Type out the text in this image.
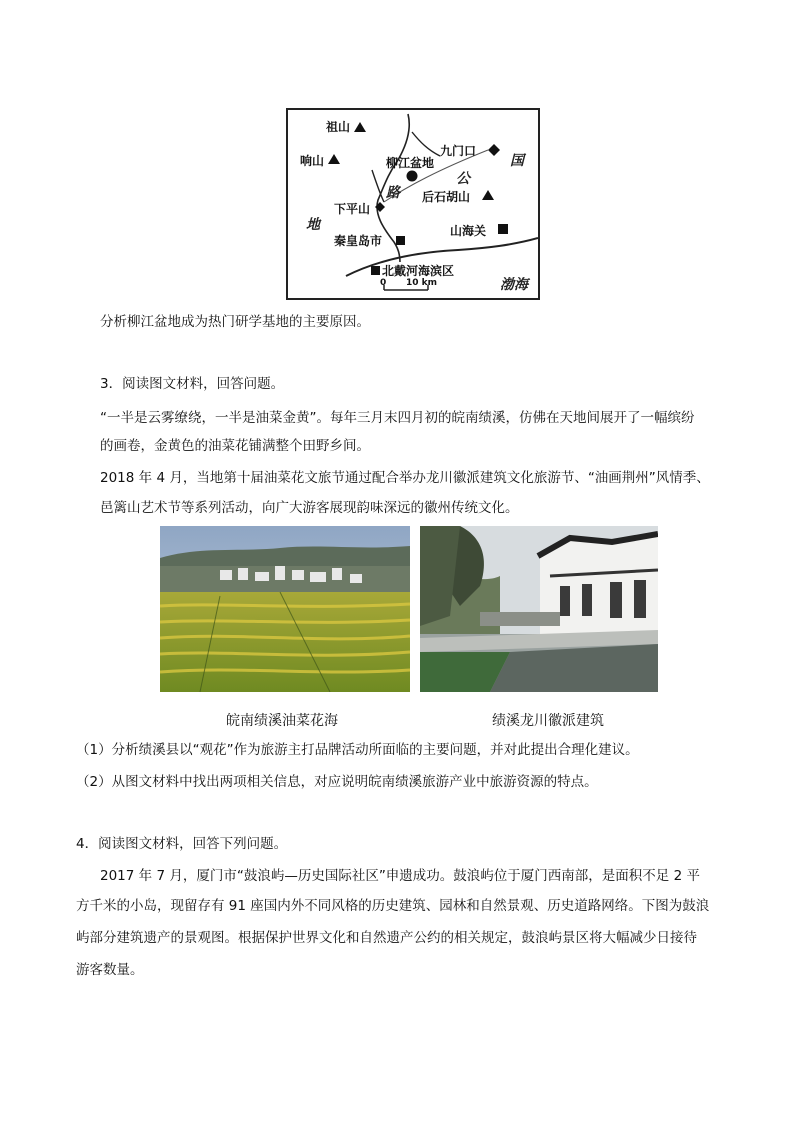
祖山
响山
九门口
柳江盆地
后石胡山
下平山
山海关
秦皇岛市
北戴河海滨区
渤海
国
公
路
地
0 10 km
分析柳江盆地成为热门研学基地的主要原因。
3．阅读图文材料，回答问题。
“一半是云雾缭绕，一半是油菜金黄”。每年三月末四月初的皖南绩溪，仿佛在天地间展开了一幅缤纷
的画卷，金黄色的油菜花铺满整个田野乡间。
2018 年 4 月，当地第十届油菜花文旅节通过配合举办龙川徽派建筑文化旅游节、“油画荆州”风情季、
邑篱山艺术节等系列活动，向广大游客展现韵味深远的徽州传统文化。
皖南绩溪油菜花海	绩溪龙川徽派建筑
（1）分析绩溪县以“观花”作为旅游主打品牌活动所面临的主要问题，并对此提出合理化建议。
（2）从图文材料中找出两项相关信息，对应说明皖南绩溪旅游产业中旅游资源的特点。
4．阅读图文材料，回答下列问题。
2017 年 7 月，厦门市“鼓浪屿—历史国际社区”申遗成功。鼓浪屿位于厦门西南部，是面积不足 2 平
方千米的小岛，现留存有 91 座国内外不同风格的历史建筑、园林和自然景观、历史道路网络。下图为鼓浪
屿部分建筑遗产的景观图。根据保护世界文化和自然遗产公约的相关规定，鼓浪屿景区将大幅减少日接待
游客数量。
